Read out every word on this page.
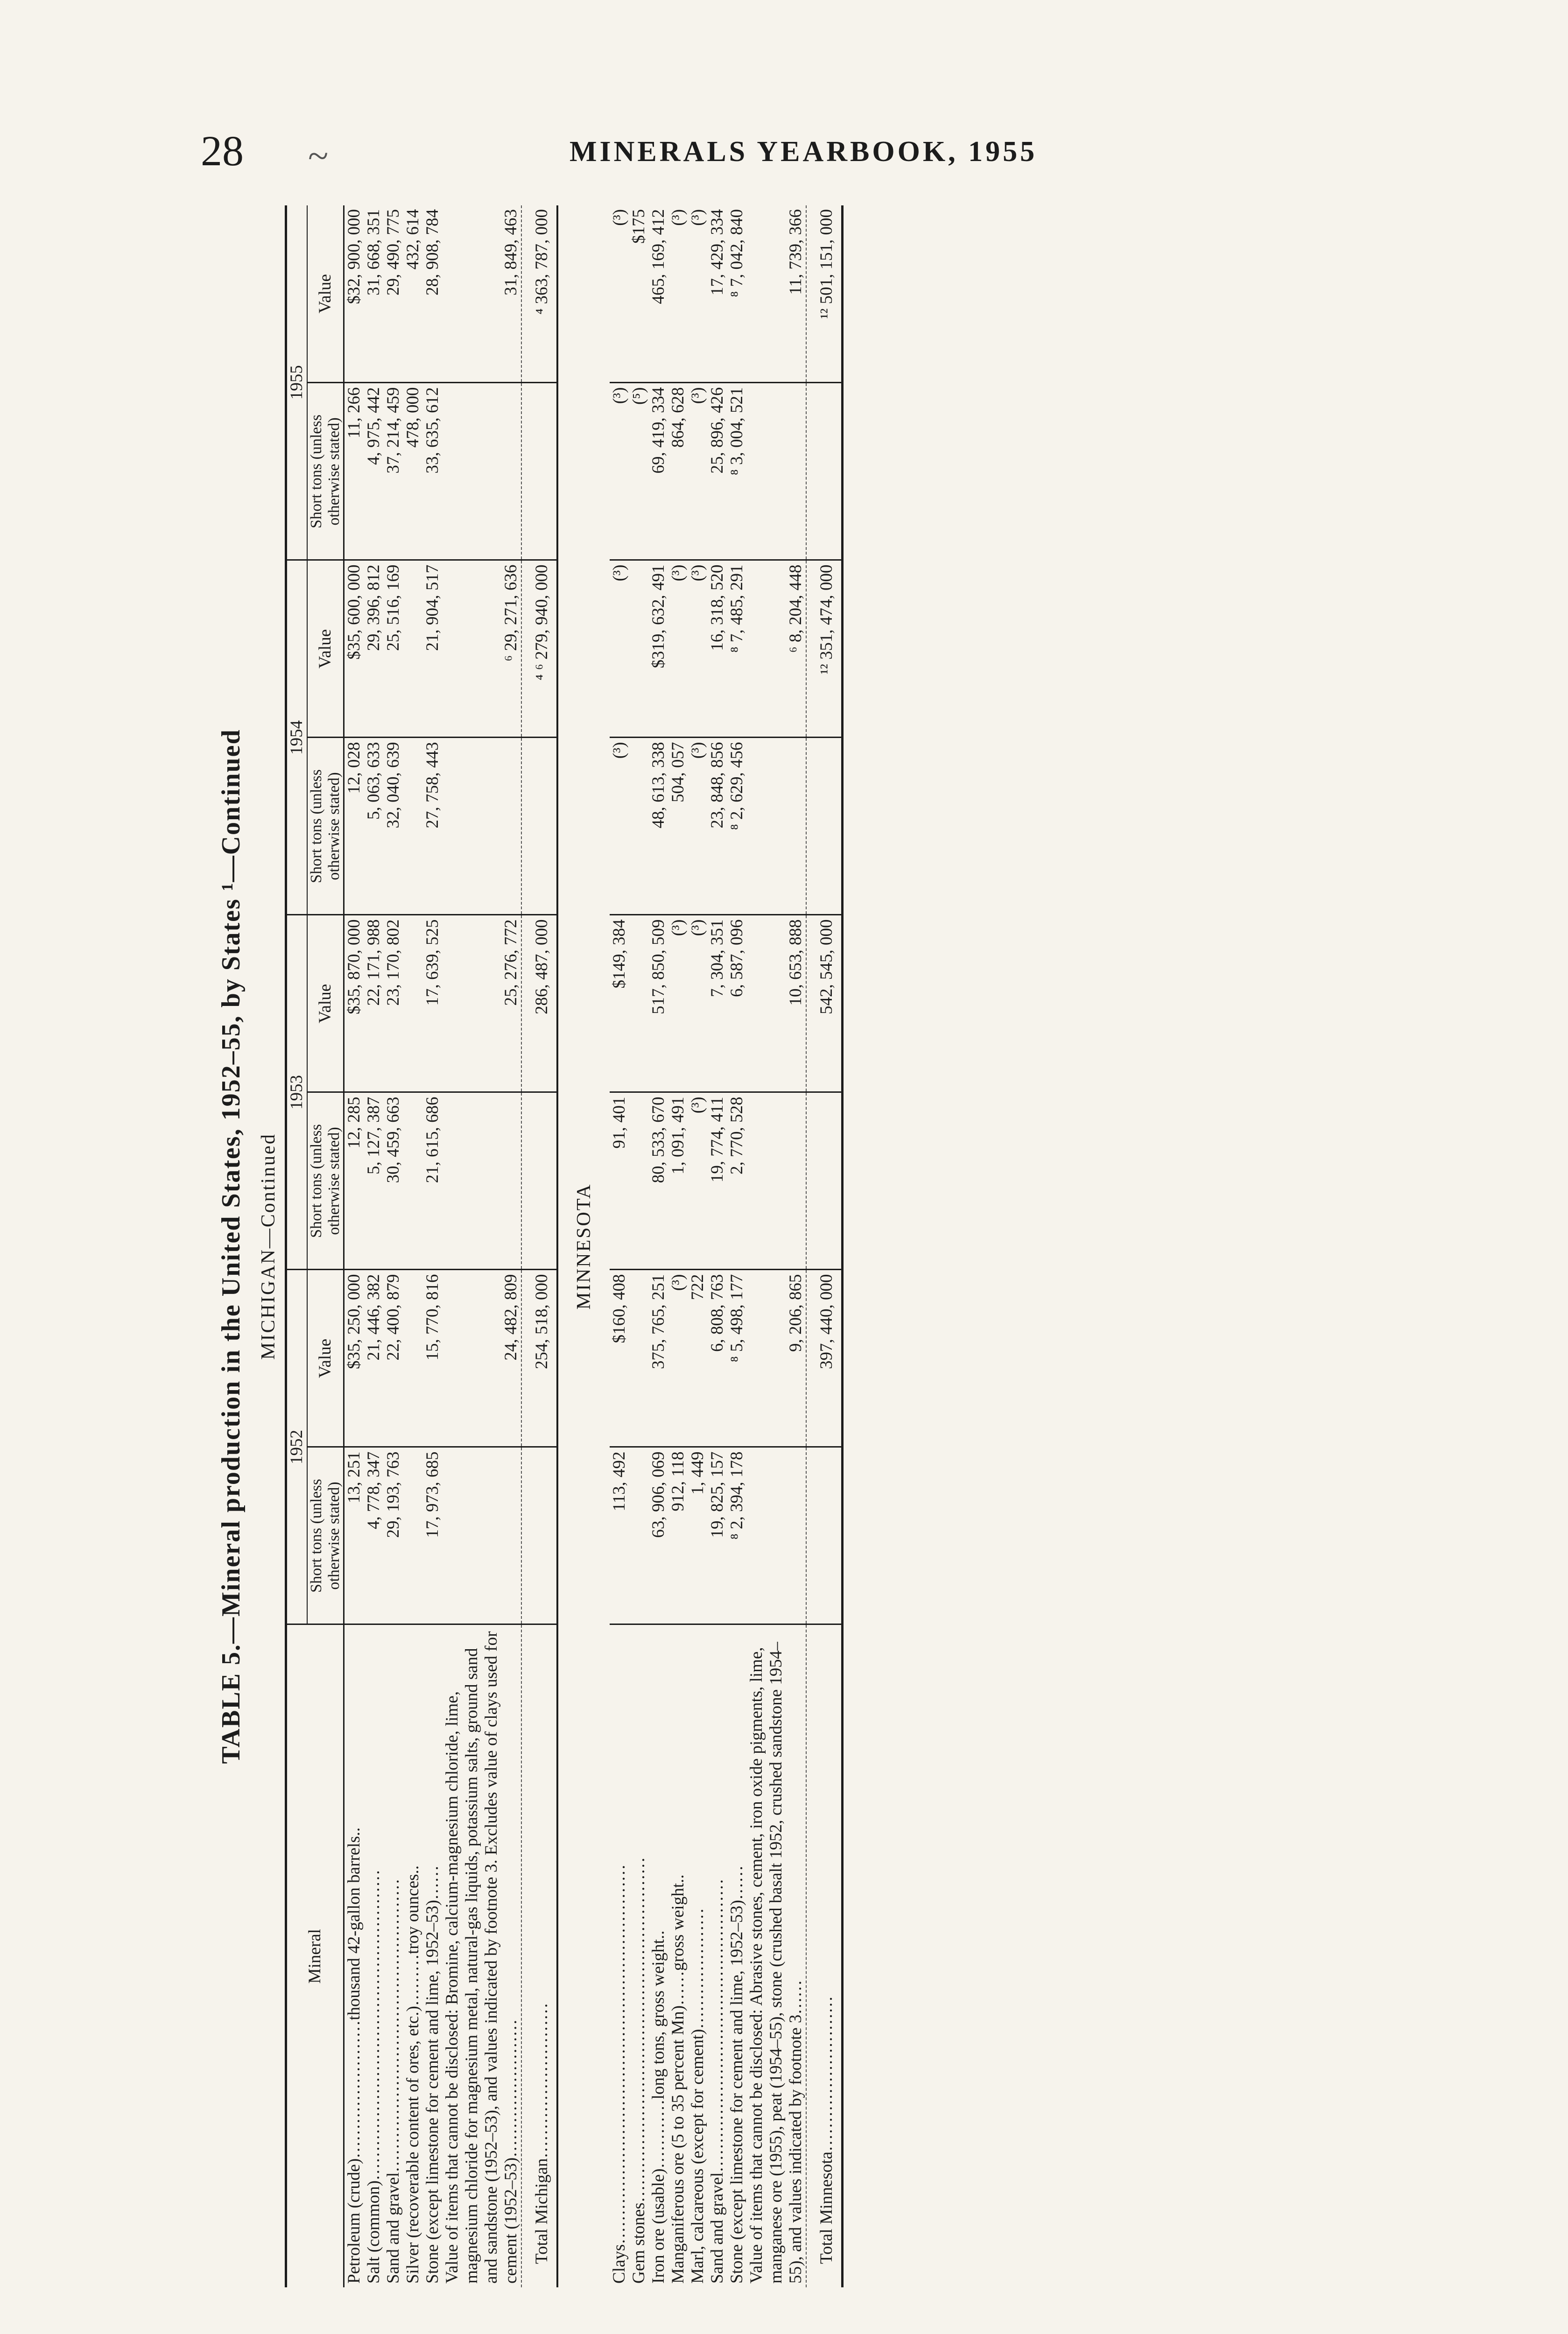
28 ~	MINERALS YEARBOOK, 1955
TABLE 5.—Mineral production in the United States, 1952–55, by States ¹—Continued MICHIGAN—Continued
Mineral	1952		1953		1954		1955	
	Short tons (unless otherwise stated)	Value	Short tons (unless otherwise stated)	Value	Short tons (unless otherwise stated)	Value	Short tons (unless otherwise stated)	Value
Petroleum (crude)……………………thousand 42-gallon barrels..	13, 251	$35, 250, 000	12, 285	$35, 870, 000	12, 028	$35, 600, 000	11, 266	$32, 900, 000
Salt (common)………………………………………………	4, 778, 347	21, 446, 382	5, 127, 387	22, 171, 988	5, 063, 633	29, 396, 812	4, 975, 442	31, 668, 351
Sand and gravel……………………………………………	29, 193, 763	22, 400, 879	30, 459, 663	23, 170, 802	32, 040, 639	25, 516, 169	37, 214, 459	29, 490, 775
Silver (recoverable content of ores, etc.)………troy ounces..							478, 000	432, 614
Stone (except limestone for cement and lime, 1952–53)……	17, 973, 685	15, 770, 816	21, 615, 686	17, 639, 525	27, 758, 443	21, 904, 517	33, 635, 612	28, 908, 784
Value of items that cannot be disclosed: Bromine, calcium-magnesium chloride, lime, magnesium chloride for magnesium metal, natural-gas liquids, potassium salts, ground sand and sandstone (1952–53), and values indicated by footnote 3. Excludes value of clays used for cement (1952–53)……………………		24, 482, 809		25, 276, 772		⁶ 29, 271, 636		31, 849, 463
Total Michigan………………………		254, 518, 000		286, 487, 000		⁴ ⁶ 279, 940, 000		⁴ 363, 787, 000
MINNESOTA								
Clays…………………………………………………………	113, 492	$160, 408	91, 401	$149, 384	(³)	(³)	(³)	(³)
Gem stones……………………………………………………							(⁵)	$175
Iron ore (usable)…………long tons, gross weight..	63, 906, 069	375, 765, 251	80, 533, 670	517, 850, 509	48, 613, 338	$319, 632, 491	69, 419, 334	465, 169, 412
Manganiferous ore (5 to 35 percent Mn)……gross weight..	912, 118	(³)	1, 091, 491	(³)	504, 057	(³)	864, 628	(³)
Marl, calcareous (except for cement)…………………	1, 449	722	(³)	(³)	(³)	(³)	(³)	(³)
Sand and gravel……………………………………………	19, 825, 157	6, 808, 763	19, 774, 411	7, 304, 351	23, 848, 856	16, 318, 520	25, 896, 426	17, 429, 334
Stone (except limestone for cement and lime, 1952–53)……	⁸ 2, 394, 178	⁸ 5, 498, 177	2, 770, 528	6, 587, 096	⁸ 2, 629, 456	⁸ 7, 485, 291	⁸ 3, 004, 521	⁸ 7, 042, 840
Value of items that cannot be disclosed: Abrasive stones, cement, iron oxide pigments, lime, manganese ore (1955), peat (1954–55), stone (crushed basalt 1952, crushed sandstone 1954–55), and values indicated by footnote 3……		9, 206, 865		10, 653, 888		⁶ 8, 204, 448		11, 739, 366
Total Minnesota………………………		397, 440, 000		542, 545, 000		¹² 351, 474, 000		¹² 501, 151, 000
